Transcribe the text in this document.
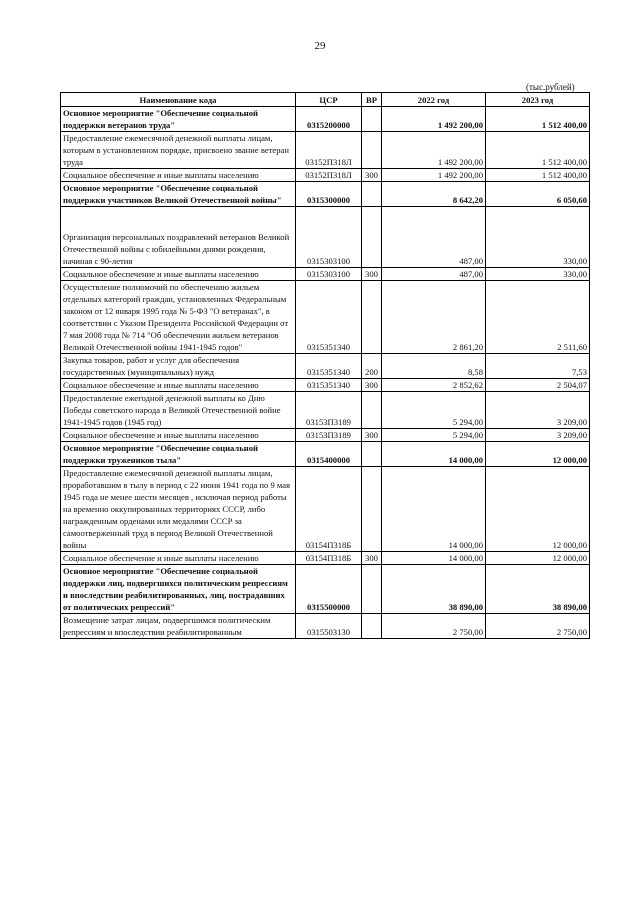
29
(тыс.рублей)
Наименование кода	ЦСР	ВР	2022 год	2023 год
Основное мероприятие "Обеспечение социальной поддержки ветеранов труда"	0315200000		1 492 200,00	1 512 400,00
Предоставление ежемесячной денежной выплаты лицам, которым в установленном порядке, присвоено звание ветеран труда	03152П318Л		1 492 200,00	1 512 400,00
Социальное обеспечение и иные выплаты населению	03152П318Л	300	1 492 200,00	1 512 400,00
Основное мероприятие "Обеспечение социальной поддержки участников Великой Отечественной войны"	0315300000		8 642,20	6 050,60
Организация персональных поздравлений ветеранов Великой Отечественной войны с юбилейными днями рождения, начиная с 90-летия	0315303100		487,00	330,00
Социальное обеспечение и иные выплаты населению	0315303100	300	487,00	330,00
Осуществление полномочий по обеспечению жильем отдельных категорий граждан, установленных Федеральным законом от 12 января 1995 года № 5-ФЗ "О ветеранах", в соответствии с Указом Президента Российской Федерации от 7 мая 2008 года № 714 "Об обеспечении жильем ветеранов Великой Отечественной войны 1941-1945 годов"	0315351340		2 861,20	2 511,60
Закупка товаров, работ и услуг для обеспечения государственных (муниципальных) нужд	0315351340	200	8,58	7,53
Социальное обеспечение и иные выплаты населению	0315351340	300	2 852,62	2 504,07
Предоставление ежегодной денежной выплаты ко Дню Победы советского народа в Великой Отечественной войне 1941-1945 годов (1945 год)	03153П3189		5 294,00	3 209,00
Социальное обеспечение и иные выплаты населению	03153П3189	300	5 294,00	3 209,00
Основное мероприятие "Обеспечение социальной поддержки тружеников тыла"	0315400000		14 000,00	12 000,00
Предоставление ежемесячной денежной выплаты лицам, проработавшим в тылу в период с 22 июня 1941 года по 9 мая 1945 года не менее шести месяцев , исключая период работы на временно оккупированных территориях СССР, либо награжденным орденами или медалями СССР за самоотверженный труд в период Великой Отечественной войны	03154П318Б		14 000,00	12 000,00
Социальное обеспечение и иные выплаты населению	03154П318Б	300	14 000,00	12 000,00
Основное мероприятие "Обеспечение социальной поддержки лиц, подвергшихся политическим репрессиям и впоследствии реабилитированных, лиц, пострадавших от политических репрессий"	0315500000		38 890,00	38 890,00
Возмещение затрат лицам, подвергшимся политическим репрессиям и впоследствии реабилитированным	0315503130		2 750,00	2 750,00
